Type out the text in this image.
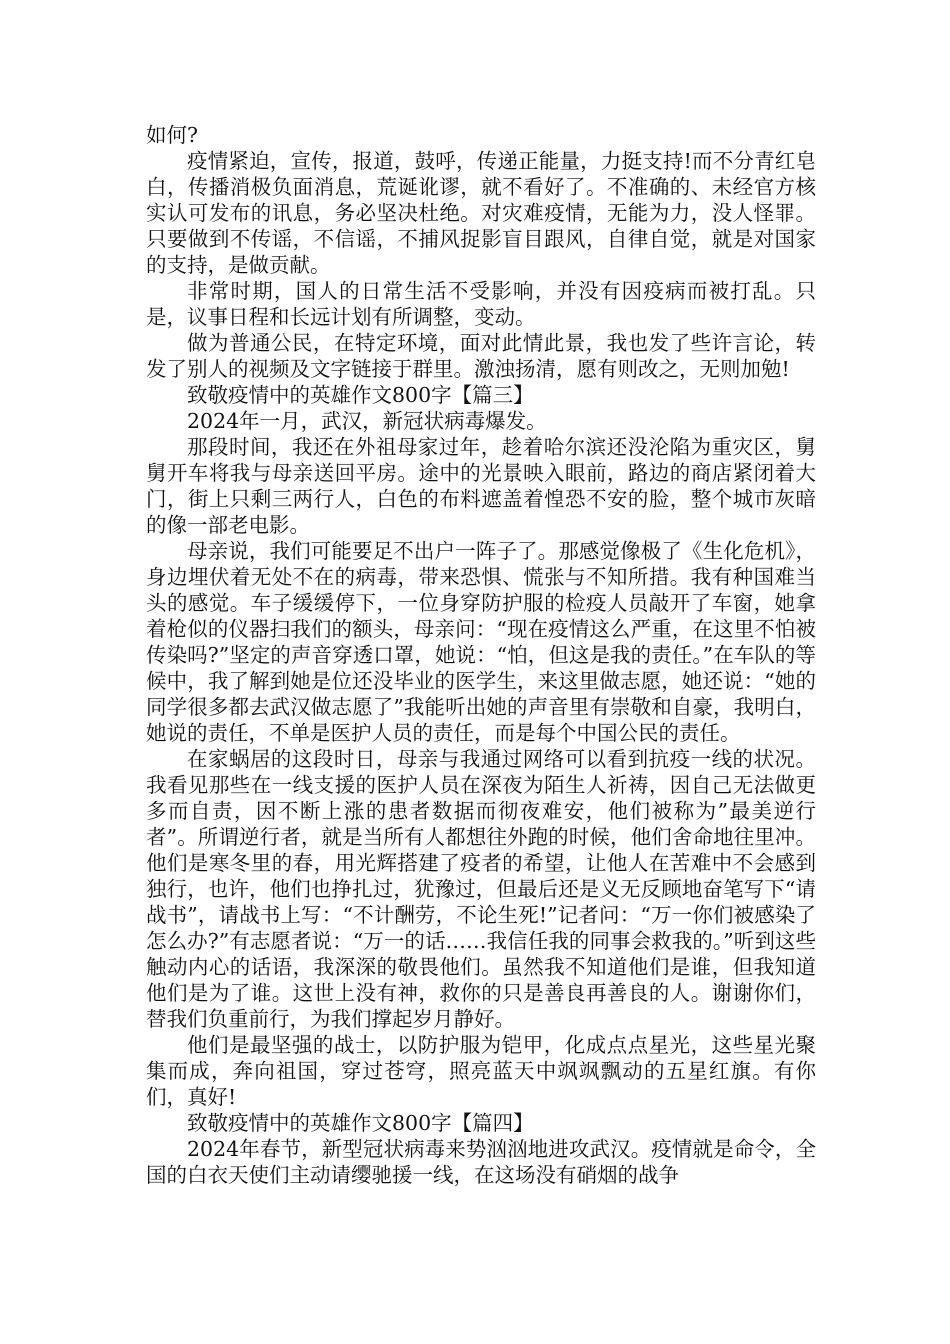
如何?

疫情紧迫，宣传，报道，鼓呼，传递正能量，力挺支持!而不分青红皂白，传播消极负面消息，荒诞讹谬，就不看好了。不准确的、未经官方核实认可发布的讯息，务必坚决杜绝。对灾难疫情，无能为力，没人怪罪。只要做到不传谣，不信谣，不捕风捉影盲目跟风，自律自觉，就是对国家的支持，是做贡献。

非常时期，国人的日常生活不受影响，并没有因疫病而被打乱。只是，议事日程和长远计划有所调整，变动。

做为普通公民，在特定环境，面对此情此景，我也发了些许言论，转发了别人的视频及文字链接于群里。激浊扬清，愿有则改之，无则加勉!

致敬疫情中的英雄作文800字【篇三】

2024年一月，武汉，新冠状病毒爆发。

那段时间，我还在外祖母家过年，趁着哈尔滨还没沦陷为重灾区，舅舅开车将我与母亲送回平房。途中的光景映入眼前，路边的商店紧闭着大门，街上只剩三两行人，白色的布料遮盖着惶恐不安的脸，整个城市灰暗的像一部老电影。

母亲说，我们可能要足不出户一阵子了。那感觉像极了《生化危机》，身边埋伏着无处不在的病毒，带来恐惧、慌张与不知所措。我有种国难当头的感觉。车子缓缓停下，一位身穿防护服的检疫人员敲开了车窗，她拿着枪似的仪器扫我们的额头，母亲问：“现在疫情这么严重，在这里不怕被传染吗?”坚定的声音穿透口罩，她说：“怕，但这是我的责任。”在车队的等候中，我了解到她是位还没毕业的医学生，来这里做志愿，她还说：“她的同学很多都去武汉做志愿了”我能听出她的声音里有崇敬和自豪，我明白，她说的责任，不单是医护人员的责任，而是每个中国公民的责任。

在家蜗居的这段时日，母亲与我通过网络可以看到抗疫一线的状况。我看见那些在一线支援的医护人员在深夜为陌生人祈祷，因自己无法做更多而自责，因不断上涨的患者数据而彻夜难安，他们被称为”最美逆行者”。所谓逆行者，就是当所有人都想往外跑的时候，他们舍命地往里冲。他们是寒冬里的春，用光辉搭建了疫者的希望，让他人在苦难中不会感到独行，也许，他们也挣扎过，犹豫过，但最后还是义无反顾地奋笔写下“请战书”，请战书上写：“不计酬劳，不论生死!”记者问：“万一你们被感染了怎么办?”有志愿者说：“万一的话……我信任我的同事会救我的。”听到这些触动内心的话语，我深深的敬畏他们。虽然我不知道他们是谁，但我知道他们是为了谁。这世上没有神，救你的只是善良再善良的人。谢谢你们，替我们负重前行，为我们撑起岁月静好。

他们是最坚强的战士，以防护服为铠甲，化成点点星光，这些星光聚集而成，奔向祖国，穿过苍穹，照亮蓝天中飒飒飘动的五星红旗。有你们，真好!

致敬疫情中的英雄作文800字【篇四】

2024年春节，新型冠状病毒来势汹汹地进攻武汉。疫情就是命令，全国的白衣天使们主动请缨驰援一线，在这场没有硝烟的战争
